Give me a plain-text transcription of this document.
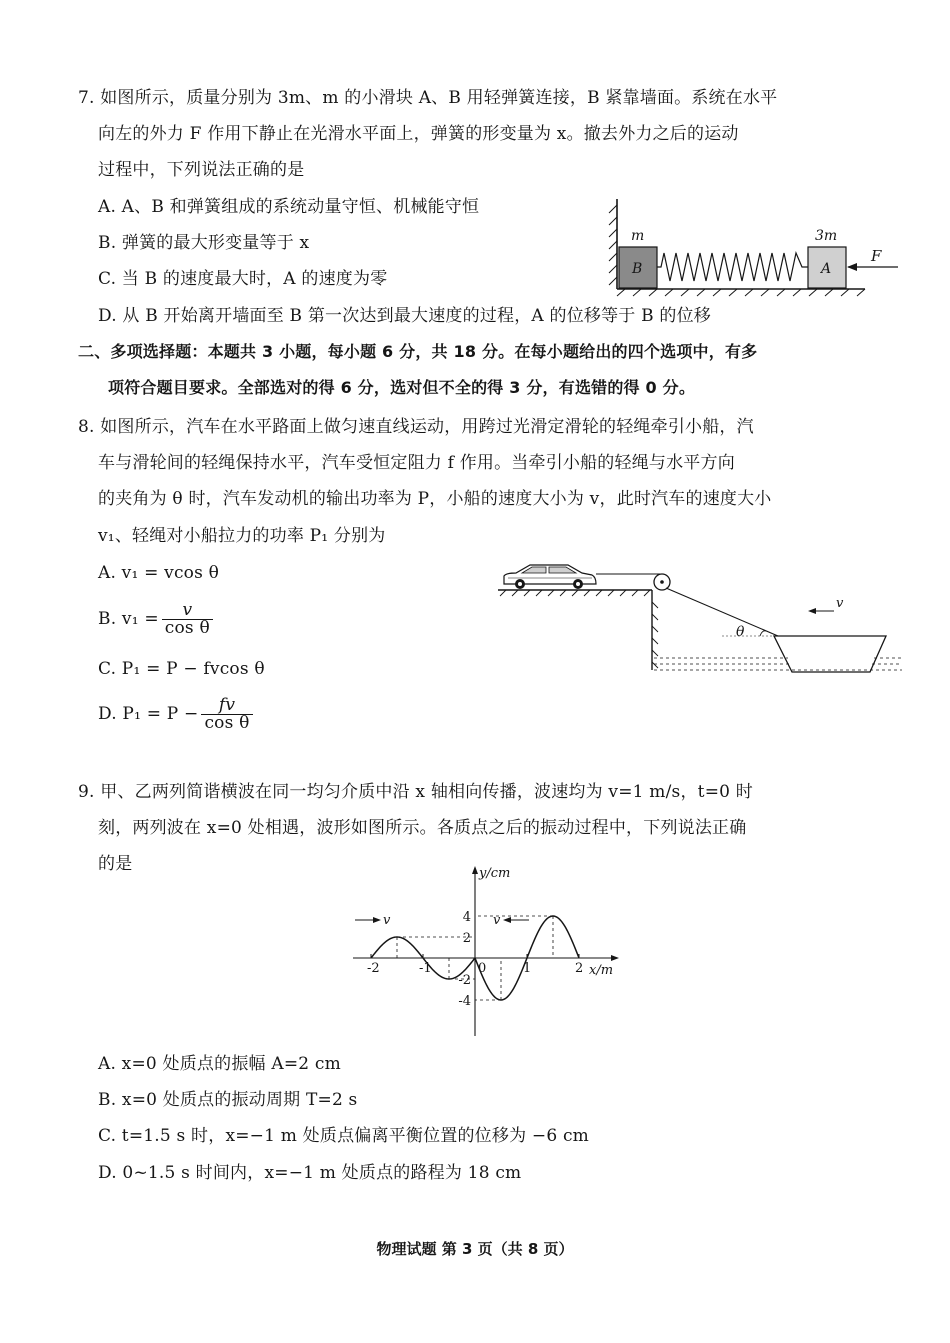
7. 如图所示，质量分别为 3m、m 的小滑块 A、B 用轻弹簧连接，B 紧靠墙面。系统在水平
向左的外力 F 作用下静止在光滑水平面上，弹簧的形变量为 x。撤去外力之后的运动
过程中，下列说法正确的是
A. A、B 和弹簧组成的系统动量守恒、机械能守恒
B. 弹簧的最大形变量等于 x
C. 当 B 的速度最大时，A 的速度为零
D. 从 B 开始离开墙面至 B 第一次达到最大速度的过程，A 的位移等于 B 的位移
B
m
A
3m
F
二、多项选择题：本题共 3 小题，每小题 6 分，共 18 分。在每小题给出的四个选项中，有多
项符合题目要求。全部选对的得 6 分，选对但不全的得 3 分，有选错的得 0 分。
8. 如图所示，汽车在水平路面上做匀速直线运动，用跨过光滑定滑轮的轻绳牵引小船，汽
车与滑轮间的轻绳保持水平，汽车受恒定阻力 f 作用。当牵引小船的轻绳与水平方向
的夹角为 θ 时，汽车发动机的输出功率为 P，小船的速度大小为 v，此时汽车的速度大小
v₁、轻绳对小船拉力的功率 P₁ 分别为
A. v₁ = vcos θ
B. $v_1 = \frac{v}{\text{cos θ}}$
C. P₁ = P − fvcos θ
D. $P_1 = P - \frac{fv}{\text{cos θ}}$
θ
v
9. 甲、乙两列简谐横波在同一均匀介质中沿 x 轴相向传播，波速均为 v=1 m/s，t=0 时
刻，两列波在 x=0 处相遇，波形如图所示。各质点之后的振动过程中，下列说法正确
的是	y/cm
x/m
-2	-1	0	1	2
4
2
-2
-4
v	v
A. x=0 处质点的振幅 A=2 cm
B. x=0 处质点的振动周期 T=2 s
C. t=1.5 s 时，x=−1 m 处质点偏离平衡位置的位移为 −6 cm
D. 0~1.5 s 时间内，x=−1 m 处质点的路程为 18 cm
物理试题 第 3 页（共 8 页）
